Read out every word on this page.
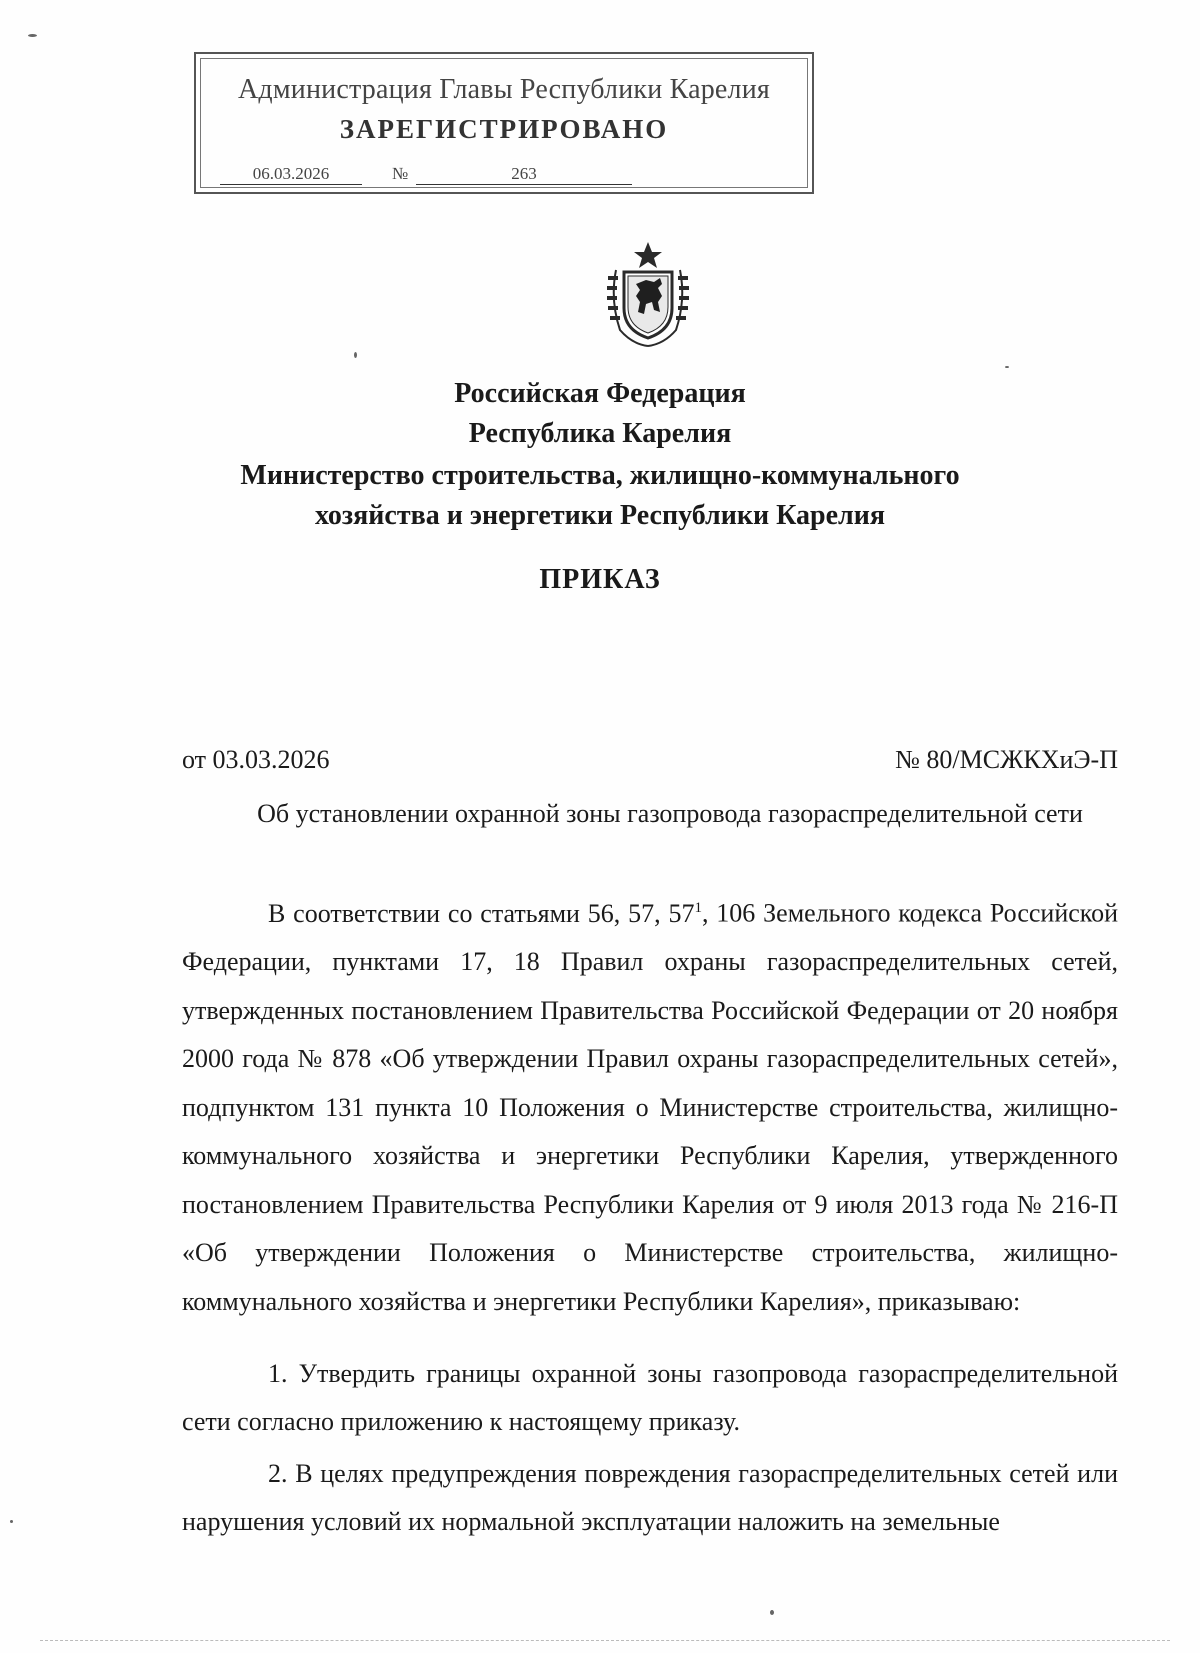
Администрация Главы Республики Карелия
ЗАРЕГИСТРИРОВАНО
06.03.2026	№	263
Российская Федерация
Республика Карелия
Министерство строительства, жилищно-коммунального
хозяйства и энергетики Республики Карелия
ПРИКАЗ
от 03.03.2026	№ 80/МСЖКХиЭ-П
Об установлении охранной зоны газопровода газораспределительной сети
В соответствии со статьями 56, 57, $57^1$, 106 Земельного кодекса Российской Федерации, пунктами 17, 18 Правил охраны газораспределительных сетей, утвержденных постановлением Правительства Российской Федерации от 20 ноября 2000 года № 878 «Об утверждении Правил охраны газораспределительных сетей», подпунктом 131 пункта 10 Положения о Министерстве строительства, жилищно-коммунального хозяйства и энергетики Республики Карелия, утвержденного постановлением Правительства Республики Карелия от 9 июля 2013 года № 216-П «Об утверждении Положения о Министерстве строительства, жилищно-коммунального хозяйства и энергетики Республики Карелия», приказываю:
1. Утвердить границы охранной зоны газопровода газораспределительной сети согласно приложению к настоящему приказу.
2. В целях предупреждения повреждения газораспределительных сетей или нарушения условий их нормальной эксплуатации наложить на земельные
